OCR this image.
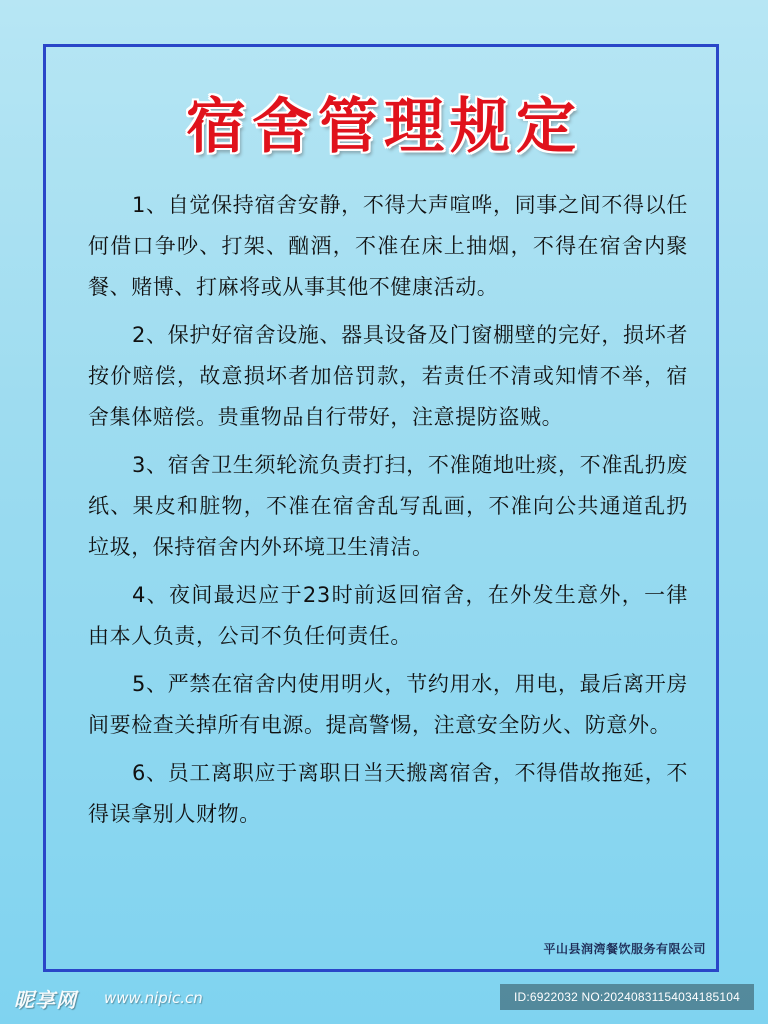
宿舍管理规定

1、自觉保持宿舍安静，不得大声喧哗，同事之间不得以任何借口争吵、打架、酗酒，不准在床上抽烟，不得在宿舍内聚餐、赌博、打麻将或从事其他不健康活动。

2、保护好宿舍设施、器具设备及门窗棚壁的完好，损坏者按价赔偿，故意损坏者加倍罚款，若责任不清或知情不举，宿舍集体赔偿。贵重物品自行带好，注意提防盗贼。

3、宿舍卫生须轮流负责打扫，不准随地吐痰，不准乱扔废纸、果皮和脏物，不准在宿舍乱写乱画，不准向公共通道乱扔垃圾，保持宿舍内外环境卫生清洁。

4、夜间最迟应于23时前返回宿舍，在外发生意外，一律由本人负责，公司不负任何责任。

5、严禁在宿舍内使用明火，节约用水，用电，最后离开房间要检查关掉所有电源。提高警惕，注意安全防火、防意外。

6、员工离职应于离职日当天搬离宿舍，不得借故拖延，不得误拿别人财物。

平山县润湾餐饮服务有限公司
昵享网 www.nipic.cn	ID:6922032 NO:20240831154034185104
